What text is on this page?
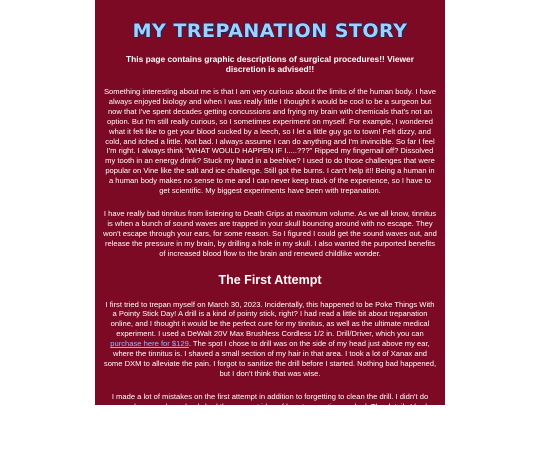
MY TREPANATION STORY
This page contains graphic descriptions of surgical procedures!! Viewer discretion is advised!!

Something interesting about me is that I am very curious about the limits of the human body. I have always enjoyed biology and when I was really little I thought it would be cool to be a surgeon but now that I've spent decades getting concussions and frying my brain with chemicals that's not an option. But I'm still really curious, so I sometimes experiment on myself. For example, I wondered what it felt like to get your blood sucked by a leech, so I let a little guy go to town! Felt dizzy, and cold, and itched a little. Not bad. I always assume I can do anything and I'm invincible. So far I feel I'm right. I always think "WHAT WOULD HAPPEN IF I.....???" Ripped my fingernail off? Dissolved my tooth in an energy drink? Stuck my hand in a beehive? I used to do those challenges that were popular on Vine like the salt and ice challenge. Still got the burns. I can't help it!! Being a human in a human body makes no sense to me and I can never keep track of the experience, so I have to get scientific. My biggest experiments have been with trepanation.

I have really bad tinnitus from listening to Death Grips at maximum volume. As we all know, tinnitus is when a bunch of sound waves are trapped in your skull bouncing around with no escape. They won't escape through your ears, for some reason. So I figured I could get the sound waves out, and release the pressure in my brain, by drilling a hole in my skull. I also wanted the purported benefits of increased blood flow to the brain and renewed childlike wonder.

The First Attempt

I first tried to trepan myself on March 30, 2023. Incidentally, this happened to be Poke Things With a Pointy Stick Day! A drill is a kind of pointy stick, right? I had read a little bit about trepanation online, and I thought it would be the perfect cure for my tinnitus, as well as the ultimate medical experiment. I used a DeWalt 20V Max Brushless Cordless 1/2 in. Drill/Driver, which you can purchase here for $129. The spot I chose to drill was on the side of my head just above my ear, where the tinnitus is. I shaved a small section of my hair in that area. I took a lot of Xanax and some DXM to alleviate the pain. I forgot to sanitize the drill before I started. Nothing bad happened, but I don't think that was wise.

I made a lot of mistakes on the first attempt in addition to forgetting to clean the drill. I didn't do enough research, and only had the vaguest idea of how trepanation worked. The details I had neglected to consider. For example, I didn't know a drill is about 100 decibels! I could hardly think with all that noise in my skull in addition to the tinnitus. Second of all, I tried to drill directly into my skin. The skin on your head is tougher than you think! A commercial drill bit is not the ideal tool for puncturing a layer of skin and muscle followed by skull. But I can't afford those fancy Meridian drills. The noise freaked me out, and I could barely hold the drill steady. In the end I passed out from the combination of blood loss and nerves. Your head bleeds a LOT!! I never even ended up drilling
